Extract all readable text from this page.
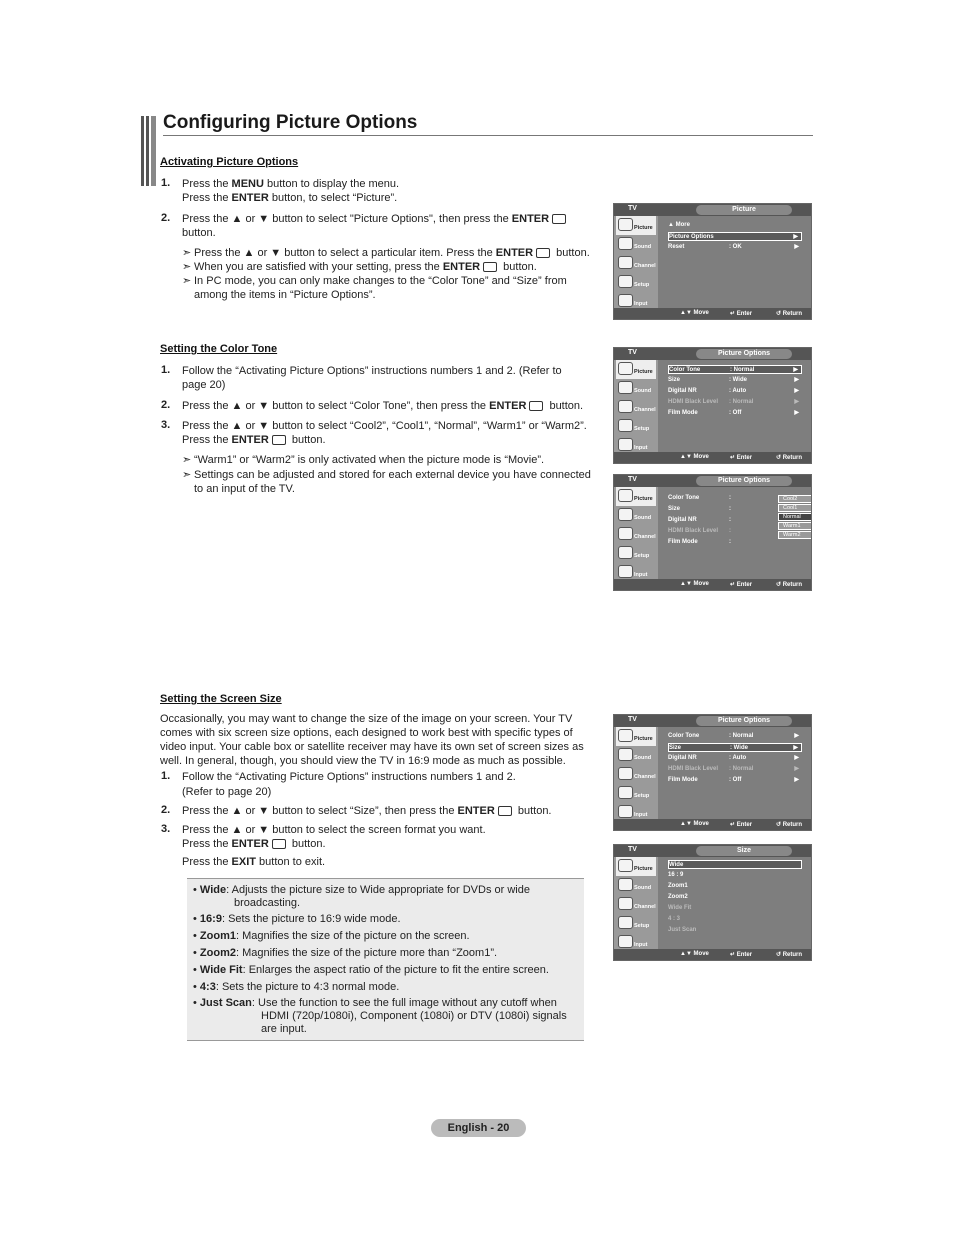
Configuring Picture Options
Activating Picture Options
1. Press the MENU button to display the menu.
Press the ENTER button, to select “Picture”.
2. Press the ▲ or ▼ button to select "Picture Options", then press the ENTER
button.
➣ Press the ▲ or ▼ button to select a particular item. Press the ENTER button.
➣ When you are satisfied with your setting, press the ENTER button.
➣ In PC mode, you can only make changes to the “Color Tone” and “Size” from
among the items in “Picture Options”.
Setting the Color Tone
1. Follow the “Activating Picture Options” instructions numbers 1 and 2. (Refer to
page 20)
2. Press the ▲ or ▼ button to select “Color Tone”, then press the ENTER button.
3. Press the ▲ or ▼ button to select “Cool2”, “Cool1”, “Normal”, “Warm1” or “Warm2”.
Press the ENTER button.
➣ “Warm1” or “Warm2” is only activated when the picture mode is “Movie”.
➣ Settings can be adjusted and stored for each external device you have connected
to an input of the TV.
Setting the Screen Size
Occasionally, you may want to change the size of the image on your screen. Your TV
comes with six screen size options, each designed to work best with specific types of
video input. Your cable box or satellite receiver may have its own set of screen sizes as
well. In general, though, you should view the TV in 16:9 mode as much as possible.
1. Follow the “Activating Picture Options” instructions numbers 1 and 2.
(Refer to page 20)
2. Press the ▲ or ▼ button to select “Size”, then press the ENTER button.
3. Press the ▲ or ▼ button to select the screen format you want.
Press the ENTER button.
Press the EXIT button to exit.
• Wide: Adjusts the picture size to Wide appropriate for DVDs or wide
broadcasting.
• 16:9: Sets the picture to 16:9 wide mode.
• Zoom1: Magnifies the size of the picture on the screen.
• Zoom2: Magnifies the size of the picture more than “Zoom1”.
• Wide Fit: Enlarges the aspect ratio of the picture to fit the entire screen.
• 4:3: Sets the picture to 4:3 normal mode.
• Just Scan: Use the function to see the full image without any cutoff when
HDMI (720p/1080i), Component (1080i) or DTV (1080i) signals
are input.
English - 20
TV	Picture
Picture
Sound
Channel
Setup
Input
▲ More
Picture Options	▶
Reset	: OK	▶
▲▼ Move	↵ Enter	↺ Return
TV	Picture Options
Picture
Sound
Channel
Setup
Input
Color Tone	: Normal	▶
Size	: Wide	▶
Digital NR	: Auto	▶
HDMI Black Level : Normal	▶
Film Mode	: Off	▶
▲▼ Move	↵ Enter	↺ Return
TV	Picture Options
Picture
Sound
Channel
Setup
Input
Color Tone	:
Size	:
Digital NR	:
HDMI Black Level :
Film Mode	:
Cool2
Cool1
Normal
Warm1
Warm2
▲▼ Move	↵ Enter	↺ Return
TV	Picture Options
Picture
Sound
Channel
Setup
Input
Color Tone	: Normal	▶
Size	: Wide	▶
Digital NR	: Auto	▶
HDMI Black Level : Normal	▶
Film Mode	: Off	▶
▲▼ Move	↵ Enter	↺ Return
TV	Size
Picture
Sound
Channel
Setup
Input
Wide
16 : 9
Zoom1
Zoom2
Wide Fit
4 : 3
Just Scan
▲▼ Move	↵ Enter	↺ Return
